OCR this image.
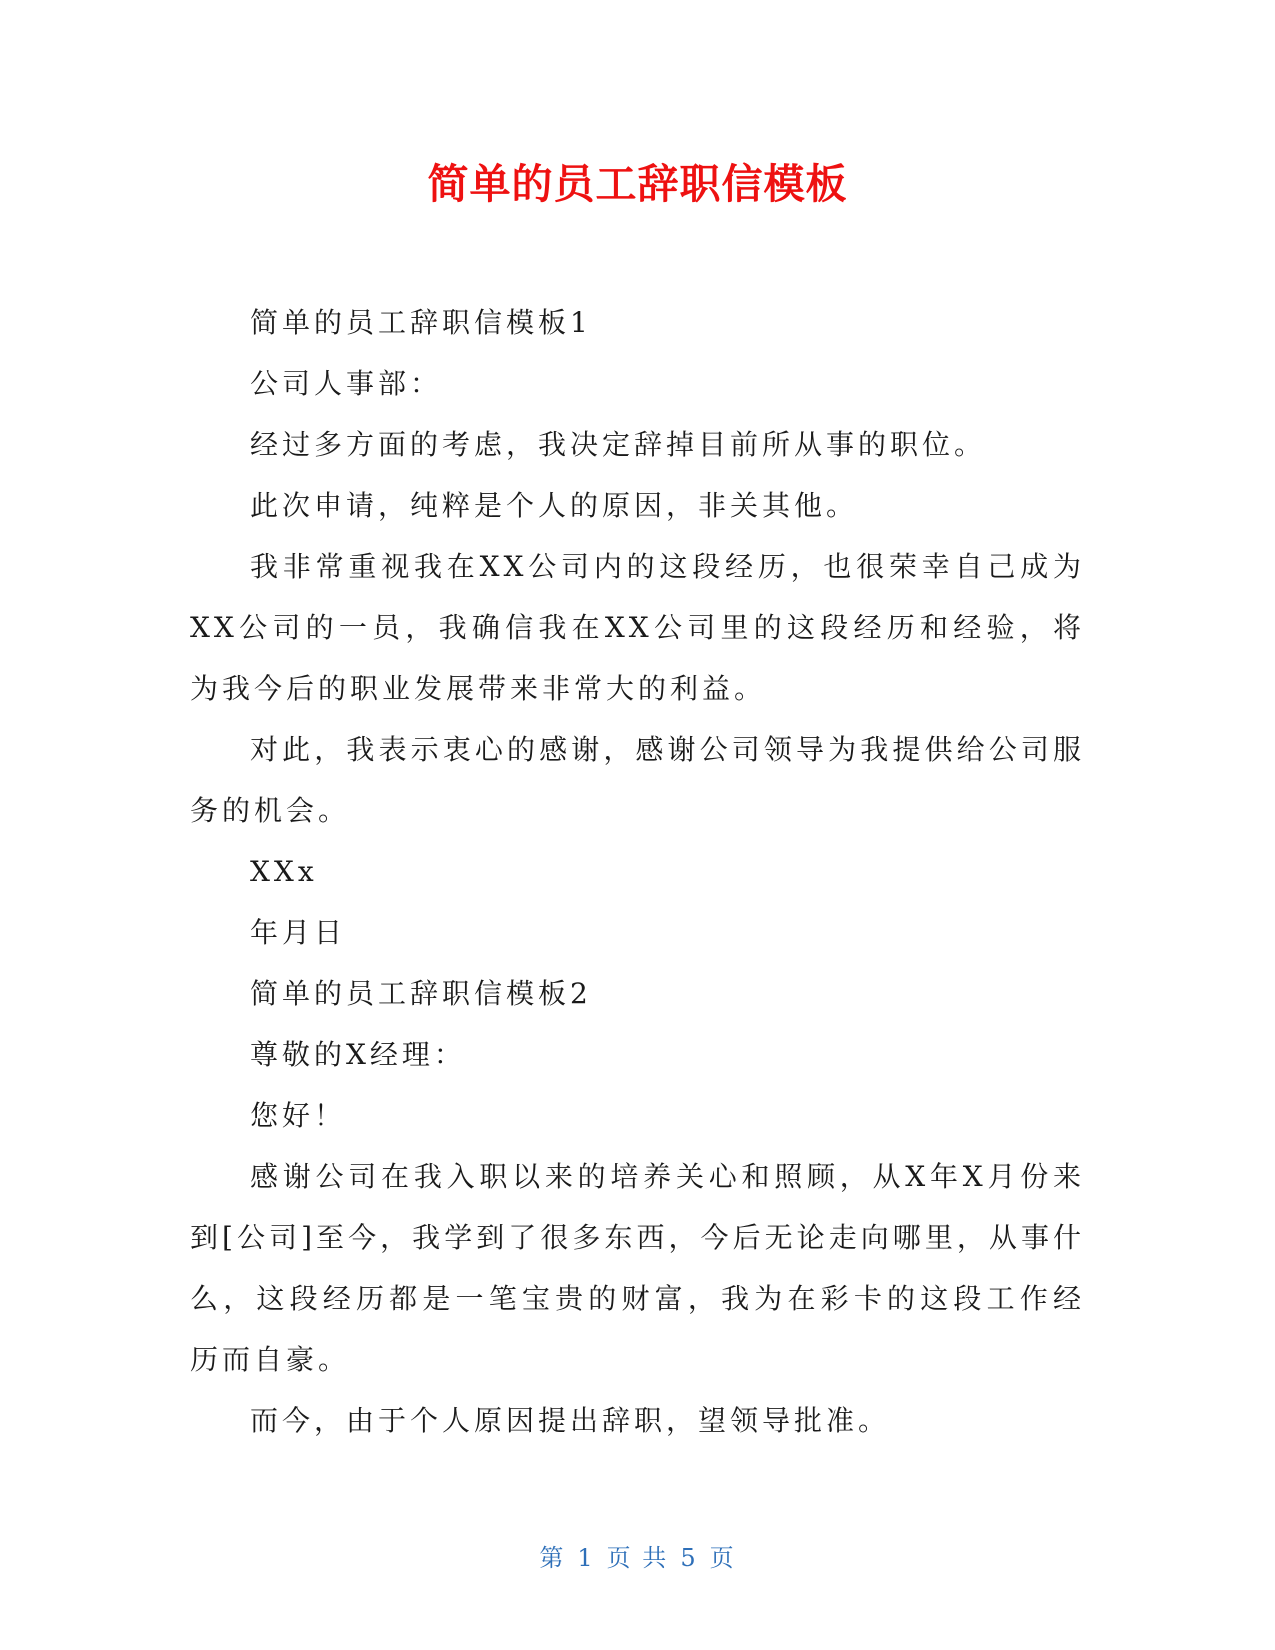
简单的员工辞职信模板

简单的员工辞职信模板1

公司人事部：

经过多方面的考虑，我决定辞掉目前所从事的职位。

此次申请，纯粹是个人的原因，非关其他。

我非常重视我在XX公司内的这段经历，也很荣幸自己成为XX公司的一员，我确信我在XX公司里的这段经历和经验，将为我今后的职业发展带来非常大的利益。

对此，我表示衷心的感谢，感谢公司领导为我提供给公司服务的机会。

XXx

年月日

简单的员工辞职信模板2

尊敬的X经理：

您好！

感谢公司在我入职以来的培养关心和照顾，从X年X月份来到[公司]至今，我学到了很多东西，今后无论走向哪里，从事什么，这段经历都是一笔宝贵的财富，我为在彩卡的这段工作经历而自豪。

而今，由于个人原因提出辞职，望领导批准。

第 1 页 共 5 页
